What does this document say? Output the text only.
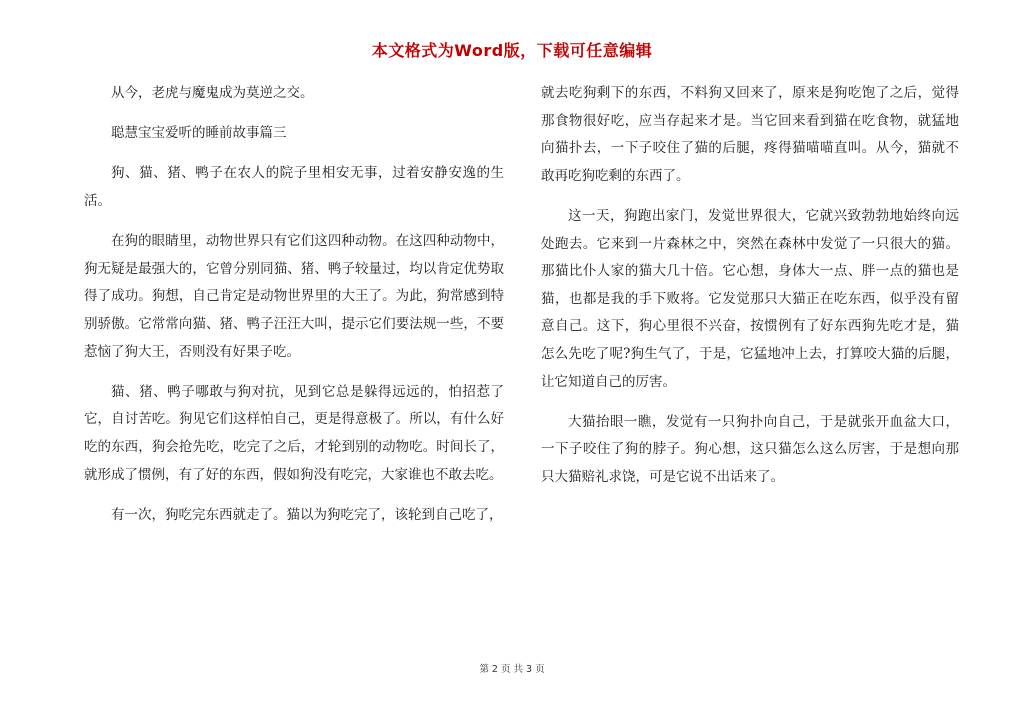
本文格式为Word版，下载可任意编辑

从今，老虎与魔鬼成为莫逆之交。

聪慧宝宝爱听的睡前故事篇三

狗、猫、猪、鸭子在农人的院子里相安无事，过着安静安逸的生活。

在狗的眼睛里，动物世界只有它们这四种动物。在这四种动物中，狗无疑是最强大的，它曾分别同猫、猪、鸭子较量过，均以肯定优势取得了成功。狗想，自己肯定是动物世界里的大王了。为此，狗常感到特别骄傲。它常常向猫、猪、鸭子汪汪大叫，提示它们要法规一些，不要惹恼了狗大王，否则没有好果子吃。

猫、猪、鸭子哪敢与狗对抗，见到它总是躲得远远的，怕招惹了它，自讨苦吃。狗见它们这样怕自己，更是得意极了。所以，有什么好吃的东西，狗会抢先吃，吃完了之后，才轮到别的动物吃。时间长了，就形成了惯例，有了好的东西，假如狗没有吃完，大家谁也不敢去吃。

有一次，狗吃完东西就走了。猫以为狗吃完了，该轮到自己吃了，

就去吃狗剩下的东西，不料狗又回来了，原来是狗吃饱了之后，觉得那食物很好吃，应当存起来才是。当它回来看到猫在吃食物，就猛地向猫扑去，一下子咬住了猫的后腿，疼得猫喵喵直叫。从今，猫就不敢再吃狗吃剩的东西了。

这一天，狗跑出家门，发觉世界很大，它就兴致勃勃地始终向远处跑去。它来到一片森林之中，突然在森林中发觉了一只很大的猫。那猫比仆人家的猫大几十倍。它心想，身体大一点、胖一点的猫也是猫，也都是我的手下败将。它发觉那只大猫正在吃东西，似乎没有留意自己。这下，狗心里很不兴奋，按惯例有了好东西狗先吃才是，猫怎么先吃了呢?狗生气了，于是，它猛地冲上去，打算咬大猫的后腿，让它知道自己的厉害。

大猫抬眼一瞧，发觉有一只狗扑向自己，于是就张开血盆大口，一下子咬住了狗的脖子。狗心想，这只猫怎么这么厉害，于是想向那只大猫赔礼求饶，可是它说不出话来了。

第 2 页 共 3 页
